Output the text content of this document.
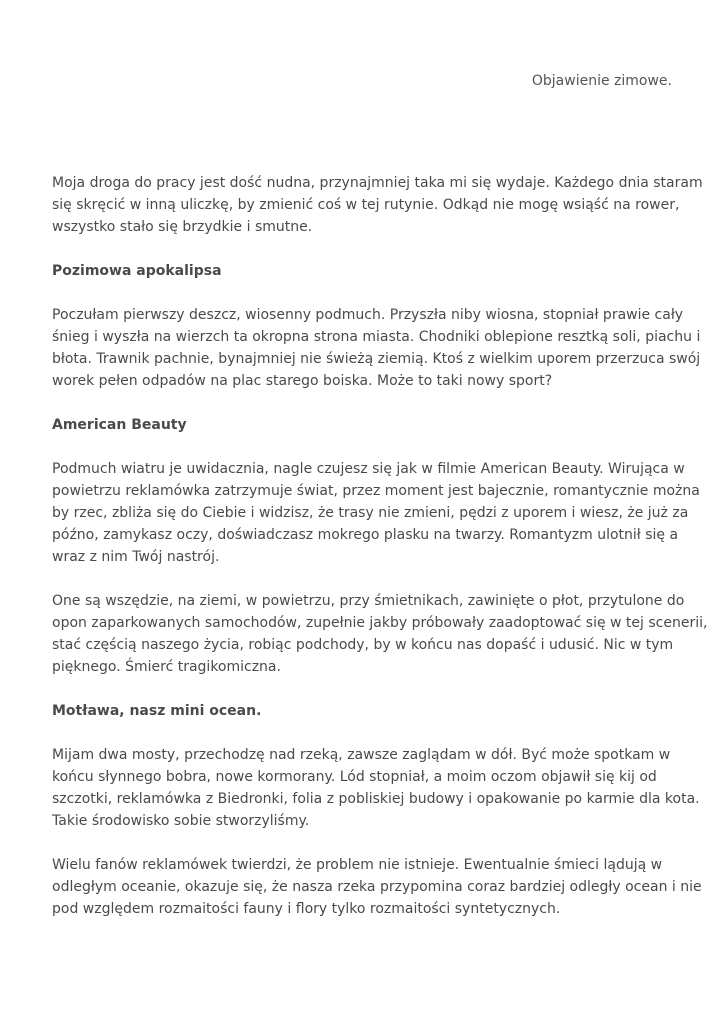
Objawienie zimowe.

Moja droga do pracy jest dość nudna, przynajmniej taka mi się wydaje. Każdego dnia staram
się skręcić w inną uliczkę, by zmienić coś w tej rutynie. Odkąd nie mogę wsiąść na rower,
wszystko stało się brzydkie i smutne.

Pozimowa apokalipsa

Poczułam pierwszy deszcz, wiosenny podmuch. Przyszła niby wiosna, stopniał prawie cały
śnieg i wyszła na wierzch ta okropna strona miasta. Chodniki oblepione resztką soli, piachu i
błota. Trawnik pachnie, bynajmniej nie świeżą ziemią. Ktoś z wielkim uporem przerzuca swój
worek pełen odpadów na plac starego boiska. Może to taki nowy sport?

American Beauty

Podmuch wiatru je uwidacznia, nagle czujesz się jak w filmie American Beauty. Wirująca w
powietrzu reklamówka zatrzymuje świat, przez moment jest bajecznie, romantycznie można
by rzec, zbliża się do Ciebie i widzisz, że trasy nie zmieni, pędzi z uporem i wiesz, że już za
późno, zamykasz oczy, doświadczasz mokrego plasku na twarzy. Romantyzm ulotnił się a
wraz z nim Twój nastrój.

One są wszędzie, na ziemi, w powietrzu, przy śmietnikach, zawinięte o płot, przytulone do
opon zaparkowanych samochodów, zupełnie jakby próbowały zaadoptować się w tej scenerii,
stać częścią naszego życia, robiąc podchody, by w końcu nas dopaść i udusić. Nic w tym
pięknego. Śmierć tragikomiczna.

Motława, nasz mini ocean.

Mijam dwa mosty, przechodzę nad rzeką, zawsze zaglądam w dół. Być może spotkam w
końcu słynnego bobra, nowe kormorany. Lód stopniał, a moim oczom objawił się kij od
szczotki, reklamówka z Biedronki, folia z pobliskiej budowy i opakowanie po karmie dla kota.
Takie środowisko sobie stworzyliśmy.

Wielu fanów reklamówek twierdzi, że problem nie istnieje. Ewentualnie śmieci lądują w
odległym oceanie, okazuje się, że nasza rzeka przypomina coraz bardziej odległy ocean i nie
pod względem rozmaitości fauny i flory tylko rozmaitości syntetycznych.
